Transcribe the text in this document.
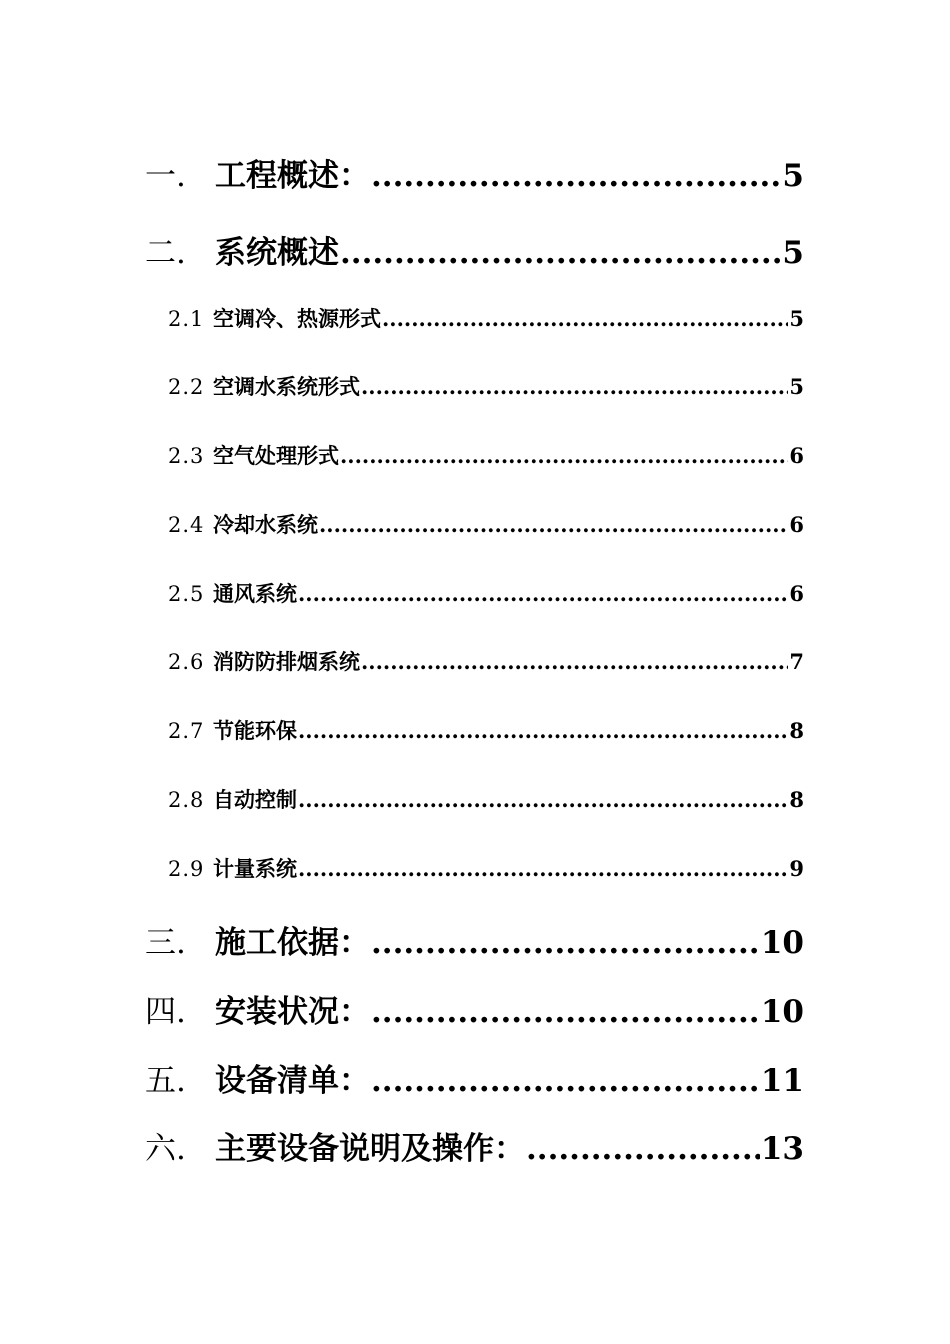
一. 工程概述： .....	5
二. 系统概述 .....	5
2.1 空调冷、热源形式 .....	5
2.2 空调水系统形式 .....	5
2.3 空气处理形式 .....	6
2.4 冷却水系统 .....	6
2.5 通风系统 .....	6
2.6 消防防排烟系统 .....	7
2.7 节能环保 .....	8
2.8 自动控制 .....	8
2.9 计量系统 .....	9
三. 施工依据： .....	10
四. 安装状况： .....	10
五. 设备清单： .....	11
六. 主要设备说明及操作： .....	13
